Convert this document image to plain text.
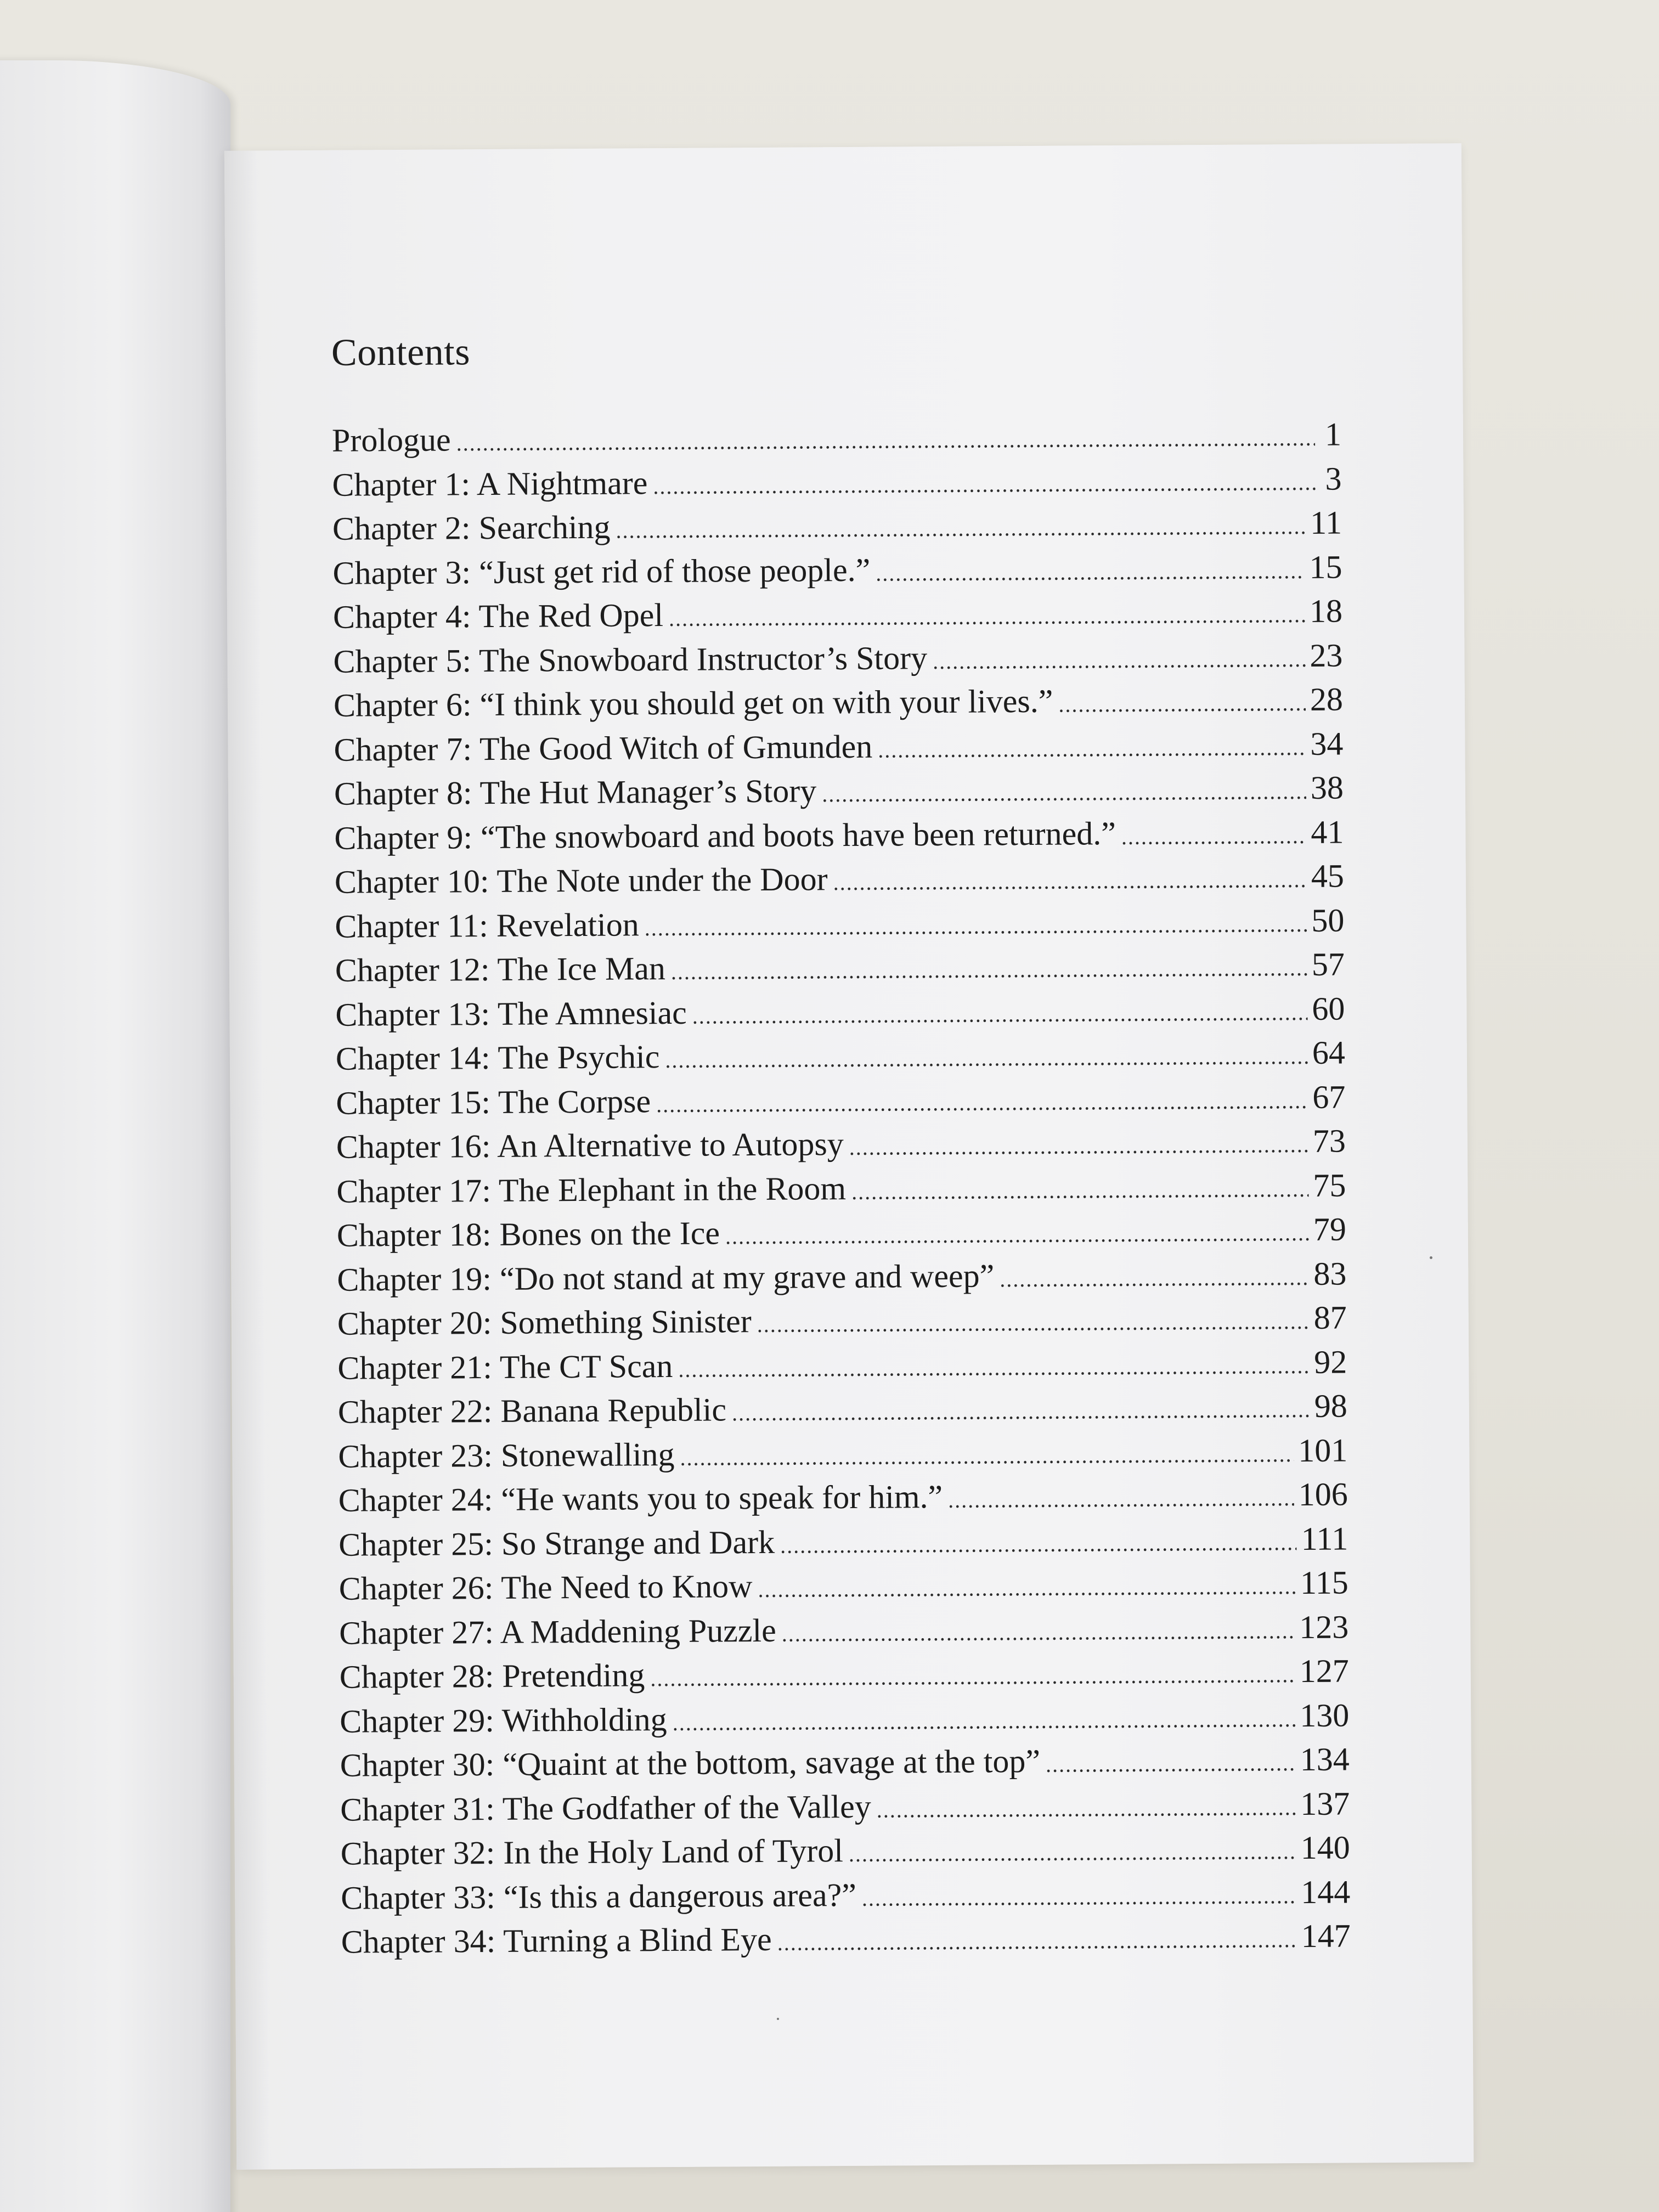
Contents
Prologue .....	1
Chapter 1: A Nightmare .....	3
Chapter 2: Searching .....	11
Chapter 3: “Just get rid of those people.” .....	15
Chapter 4: The Red Opel .....	18
Chapter 5: The Snowboard Instructor’s Story .....	23
Chapter 6: “I think you should get on with your lives.” .....	28
Chapter 7: The Good Witch of Gmunden .....	34
Chapter 8: The Hut Manager’s Story .....	38
Chapter 9: “The snowboard and boots have been returned.” .....	41
Chapter 10: The Note under the Door .....	45
Chapter 11: Revelation .....	50
Chapter 12: The Ice Man .....	57
Chapter 13: The Amnesiac .....	60
Chapter 14: The Psychic .....	64
Chapter 15: The Corpse .....	67
Chapter 16: An Alternative to Autopsy .....	73
Chapter 17: The Elephant in the Room .....	75
Chapter 18: Bones on the Ice .....	79
Chapter 19: “Do not stand at my grave and weep” .....	83
Chapter 20: Something Sinister .....	87
Chapter 21: The CT Scan .....	92
Chapter 22: Banana Republic .....	98
Chapter 23: Stonewalling .....	101
Chapter 24: “He wants you to speak for him.” .....	106
Chapter 25: So Strange and Dark .....	111
Chapter 26: The Need to Know .....	115
Chapter 27: A Maddening Puzzle .....	123
Chapter 28: Pretending .....	127
Chapter 29: Withholding .....	130
Chapter 30: “Quaint at the bottom, savage at the top” .....	134
Chapter 31: The Godfather of the Valley .....	137
Chapter 32: In the Holy Land of Tyrol .....	140
Chapter 33: “Is this a dangerous area?” .....	144
Chapter 34: Turning a Blind Eye .....	147
